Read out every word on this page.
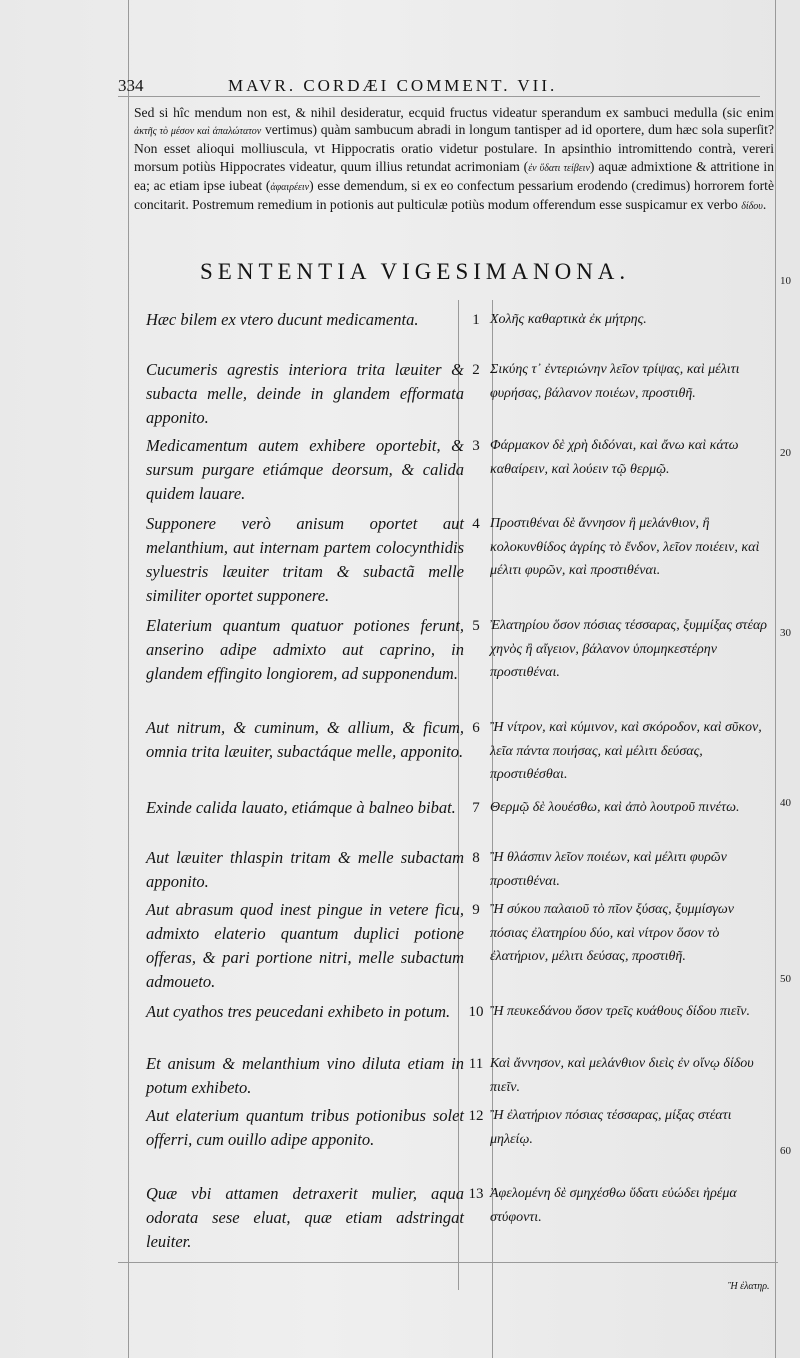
334	MAVR. CORDÆI COMMENT. VII.
Sed si hîc mendum non est, & nihil desideratur, ecquid fructus videatur sperandum ex sambuci medulla (sic enim ἀκτῆς τὸ μέσον καὶ ἁπαλώτατον vertimus) quàm sambucum abradi in longum tantisper ad id oportere, dum hæc sola superſit? Non esset alioqui molliuscula, vt Hippocratis oratio videtur postulare. In apsinthio intromittendo contrà, vereri morsum potiùs Hippocrates videatur, quum illius retundat acrimoniam (ἐν ὕδατι τείβειν) aquæ admixtione & attritione in ea; ac etiam ipse iubeat (ἀφαιρέειν) esse demendum, si ex eo confectum pessarium erodendo (credimus) horrorem fortè concitarit. Postremum remedium in potionis aut pulticulæ potiùs modum offerendum esse suspicamur ex verbo δίδου.
SENTENTIA VIGESIMANONA.	10
20
30
40
50
60
Hæc bilem ex vtero ducunt medicamenta.	1 Χολῆς καθαρτικὰ ἐκ μήτρης.
Cucumeris agrestis interiora trita læuiter & subacta melle, deinde in glandem efformata apponito.
2 Σικύης τ᾿ ἐντεριώνην λεῖον τρίψας, καὶ μέλιτι φυρήσας, βάλανον ποιέων, προστιθῆ.
Medicamentum autem exhibere oportebit, & sursum purgare etiámque deorsum, & calida quidem lauare.
3 Φάρμακον δὲ χρὴ διδόναι, καὶ ἄνω καὶ κάτω καθαίρειν, καὶ λούειν τῷ θερμῷ.
Supponere verò anisum oportet aut melanthium, aut internam partem colocynthidis syluestris læuiter tritam & subactã melle similiter oportet supponere.
4 Προστιθέναι δὲ ἄννησον ἢ μελάνθιον, ἢ κολοκυνθίδος ἀγρίης τὸ ἔνδον, λεῖον ποιέειν, καὶ μέλιτι φυρῶν, καὶ προστιθέναι.
Elaterium quantum quatuor potiones ferunt, anserino adipe admixto aut caprino, in glandem effingito longiorem, ad supponendum.
5 Ἐλατηρίου ὅσον πόσιας τέσσαρας, ξυμμίξας στέαρ χηνὸς ἢ αἴγειον, βάλανον ὑπομηκεστέρην προστιθέναι.
Aut nitrum, & cuminum, & allium, & ficum, omnia trita læuiter, subactáque melle, apponito.
6 Ἢ νίτρον, καὶ κύμινον, καὶ σκόροδον, καὶ σῦκον, λεῖα πάντα ποιήσας, καὶ μέλιτι δεύσας, προστιθέσθαι.
Exinde calida lauato, etiámque à balneo bibat.	7 Θερμῷ δὲ λουέσθω, καὶ ἀπὸ λουτροῦ πινέτω.
Aut læuiter thlaspin tritam & melle subactam apponito.
8 Ἢ θλάσπιν λεῖον ποιέων, καὶ μέλιτι φυρῶν προστιθέναι.
Aut abrasum quod inest pingue in vetere ficu, admixto elaterio quantum duplici potione offeras, & pari portione nitri, melle subactum admoueto.
9 Ἢ σύκου παλαιοῦ τὸ πῖον ξύσας, ξυμμίσγων πόσιας ἐλατηρίου δύο, καὶ νίτρον ὅσον τὸ ἐλατήριον, μέλιτι δεύσας, προστιθῆ.
Aut cyathos tres peucedani exhibeto in potum.	10 Ἢ πευκεδάνου ὅσον τρεῖς κυάθους δίδου πιεῖν.
Et anisum & melanthium vino diluta etiam in potum exhibeto.
11 Καὶ ἄννησον, καὶ μελάνθιον διεὶς ἐν οἴνῳ δίδου πιεῖν.
Aut elaterium quantum tribus potionibus solet offerri, cum ouillo adipe apponito.
12 Ἢ ἐλατήριον πόσιας τέσσαρας, μίξας στέατι μηλείῳ.
Quæ vbi attamen detraxerit mulier, aqua odorata sese eluat, quæ etiam adstringat leuiter.
13 Ἀφελομένη δὲ σμηχέσθω ὕδατι εὐώδει ἠρέμα στύφοντι.
Ἢ ἐλατηρ.
